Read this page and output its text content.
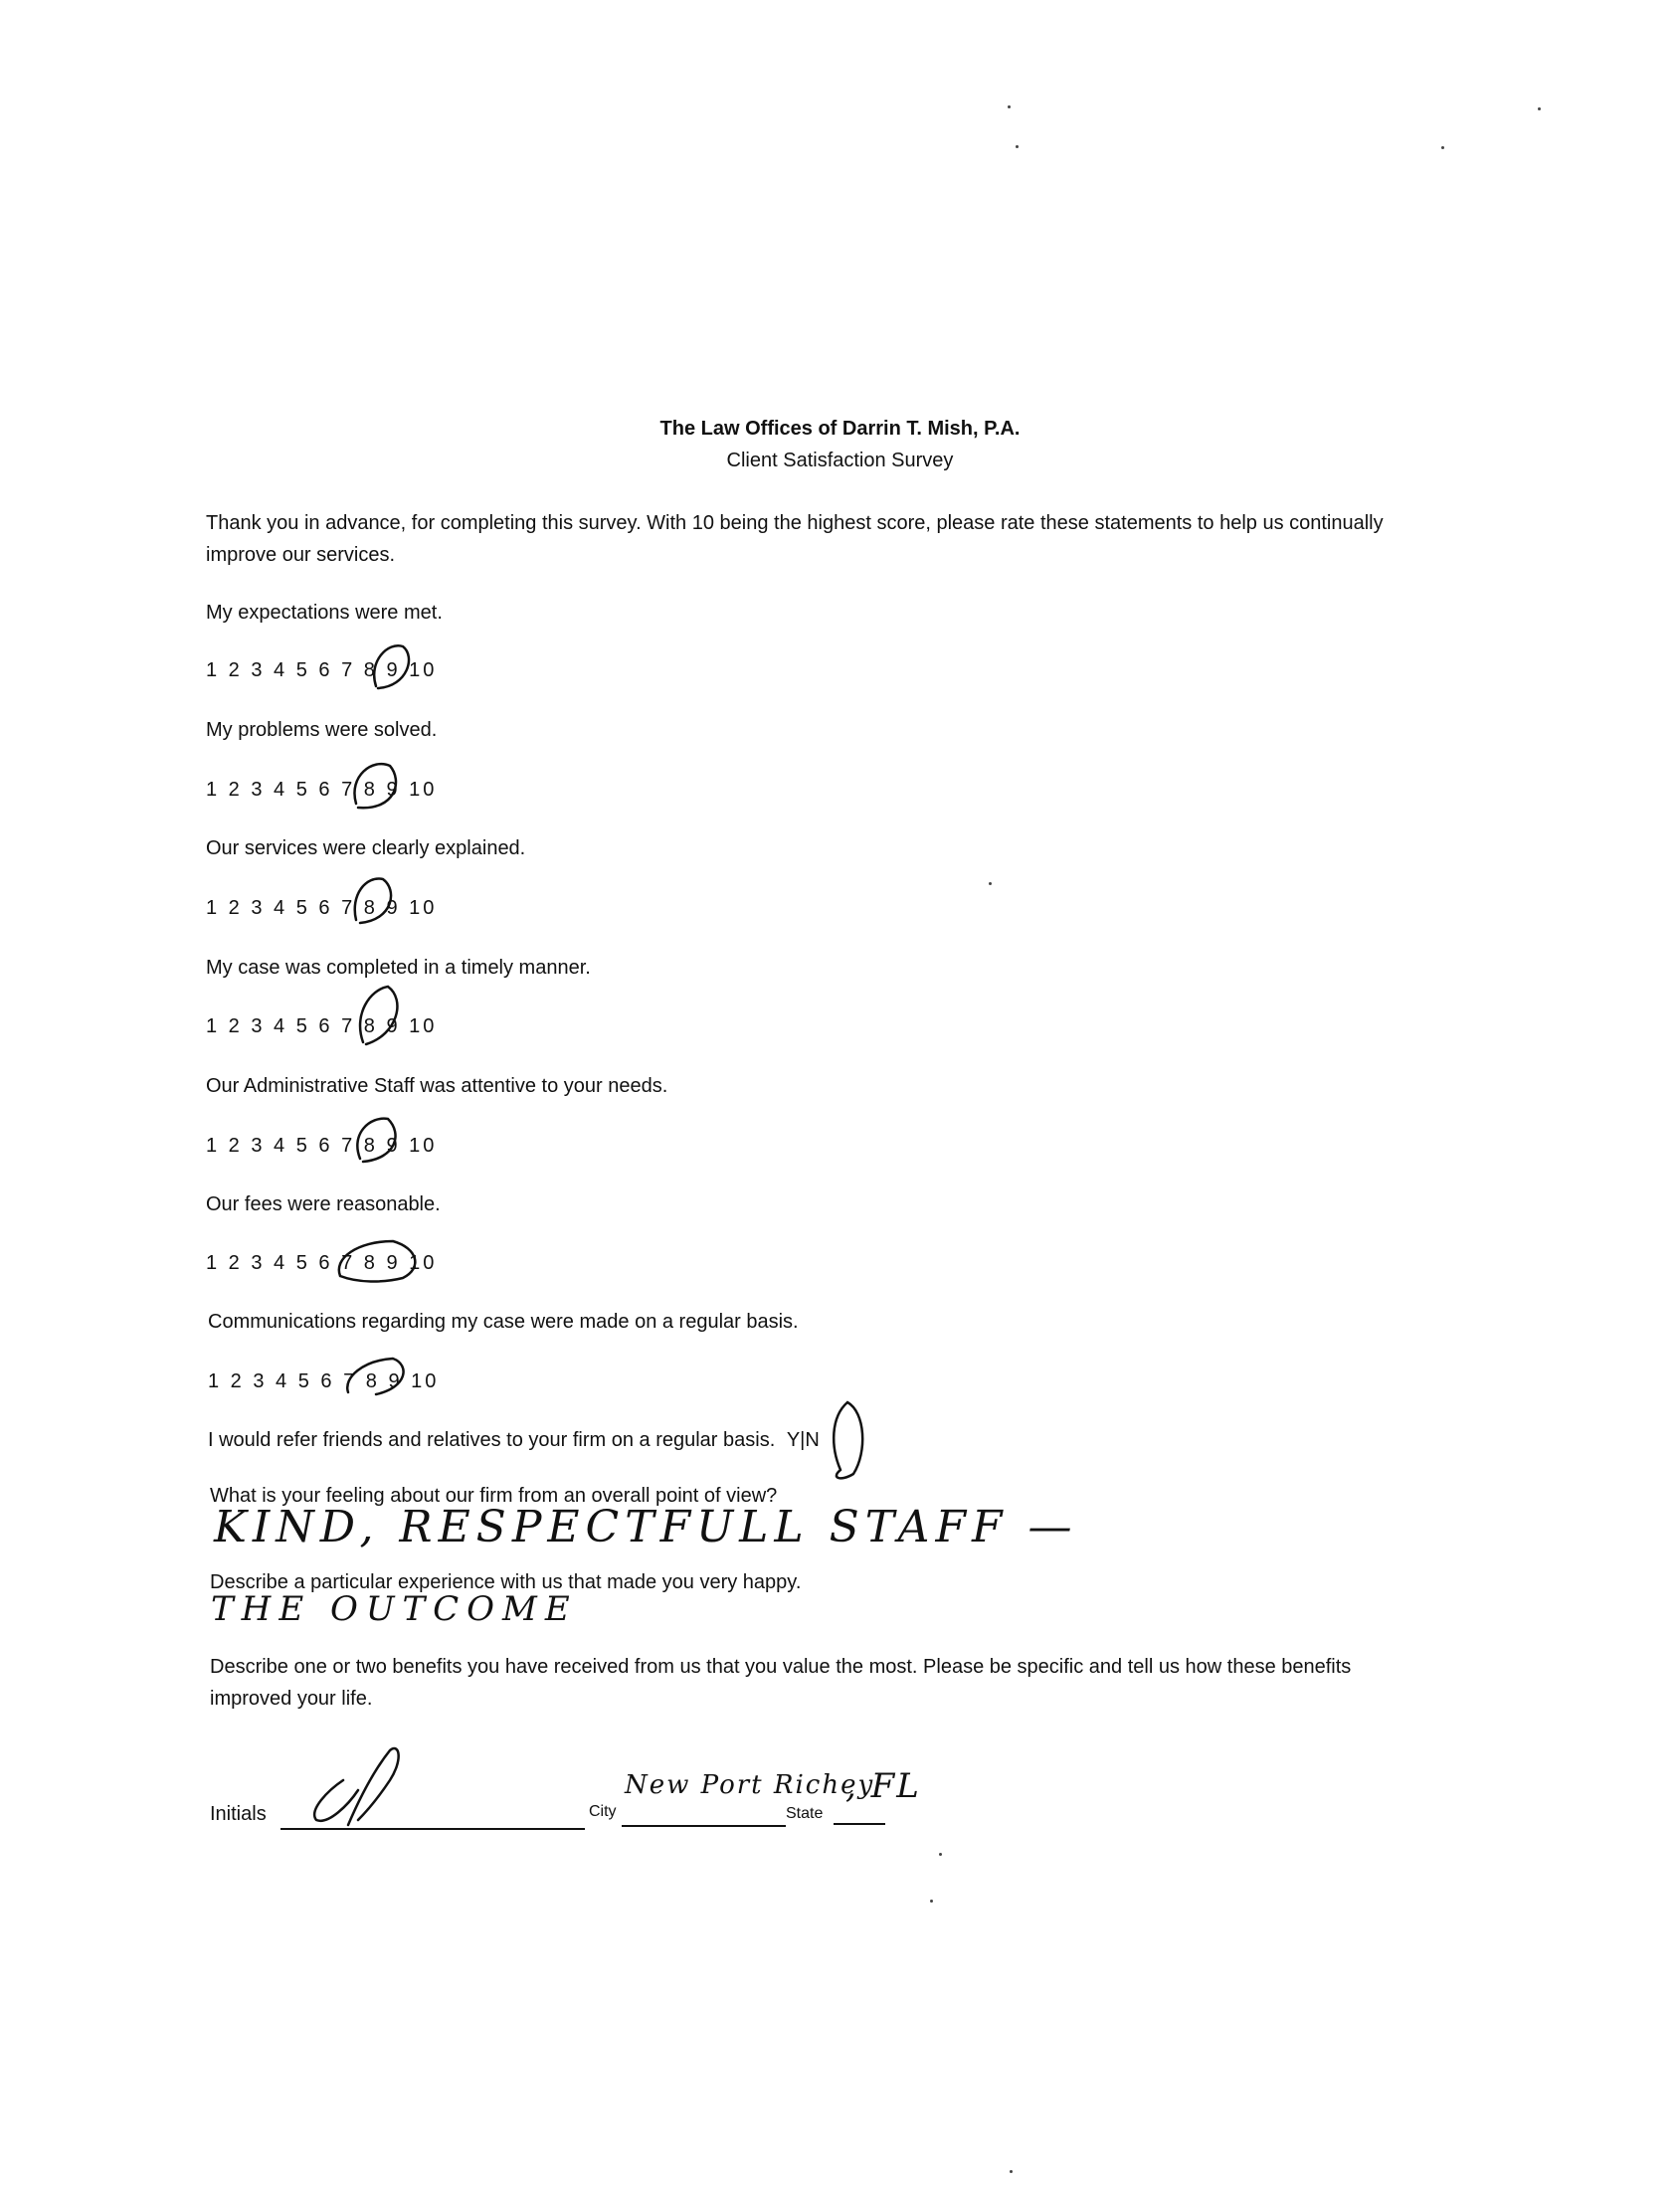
The Law Offices of Darrin T. Mish, P.A.
Client Satisfaction Survey
Thank you in advance, for completing this survey. With 10 being the highest score, please rate these statements to help us continually improve our services.
My expectations were met.
1 2 3 4 5 6 7 8 9 10
My problems were solved.
1 2 3 4 5 6 7 8 9 10
Our services were clearly explained.
1 2 3 4 5 6 7 8 9 10
My case was completed in a timely manner.
1 2 3 4 5 6 7 8 9 10
Our Administrative Staff was attentive to your needs.
1 2 3 4 5 6 7 8 9 10
Our fees were reasonable.
1 2 3 4 5 6 7 8 9 10
Communications regarding my case were made on a regular basis.
1 2 3 4 5 6 7 8 9 10
I would refer friends and relatives to your firm on a regular basis. Y|N
What is your feeling about our firm from an overall point of view?
KIND, RESPECTFULL STAFF —
Describe a particular experience with us that made you very happy.
THE OUTCOME
Describe one or two benefits you have received from us that you value the most. Please be specific and tell us how these benefits improved your life.
Initials	City
New Port Richey
State
, FL
